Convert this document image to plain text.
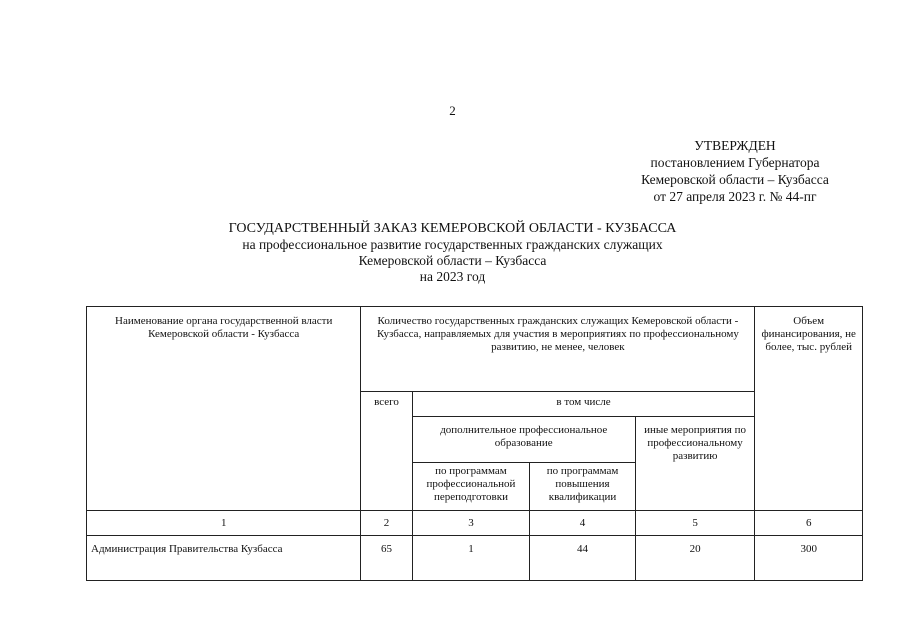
2
УТВЕРЖДЕН
постановлением Губернатора
Кемеровской области – Кузбасса
от 27 апреля 2023 г. № 44-пг
ГОСУДАРСТВЕННЫЙ ЗАКАЗ КЕМЕРОВСКОЙ ОБЛАСТИ - КУЗБАССА
на профессиональное развитие государственных гражданских служащих
Кемеровской области – Кузбасса
на 2023 год
Наименование органа государственной власти Кемеровской области - Кузбасса	Количество государственных гражданских служащих Кемеровской области - Кузбасса, направляемых для участия в мероприятиях по профессиональному развитию, не менее, человек				Объем финансирования, не более, тыс. рублей
	всего	в том числе			
		дополнительное профессиональное образование		иные мероприятия по профессиональному развитию	
		по программам профессиональной переподготовки	по программам повышения квалификации		
1	2	3	4	5	6
Администрация Правительства Кузбасса	65	1	44	20	300
